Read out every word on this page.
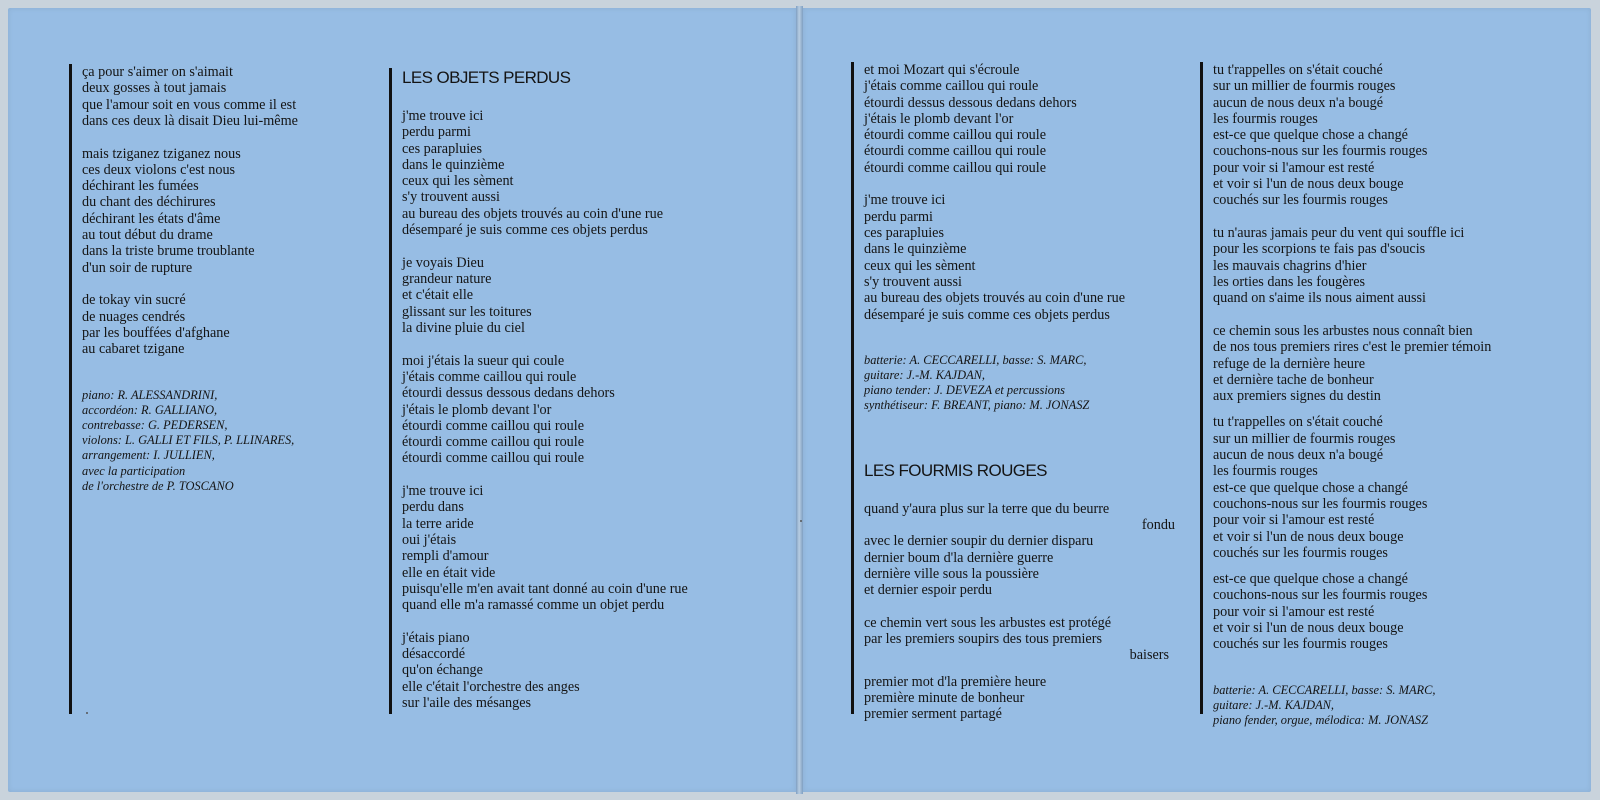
ça pour s'aimer on s'aimait
deux gosses à tout jamais
que l'amour soit en vous comme il est
dans ces deux là disait Dieu lui-même
mais tziganez tziganez nous
ces deux violons c'est nous
déchirant les fumées
du chant des déchirures
déchirant les états d'âme
au tout début du drame
dans la triste brume troublante
d'un soir de rupture
de tokay vin sucré
de nuages cendrés
par les bouffées d'afghane
au cabaret tzigane
piano: R. ALESSANDRINI,
accordéon: R. GALLIANO,
contrebasse: G. PEDERSEN,
violons: L. GALLI ET FILS, P. LLINARES,
arrangement: I. JULLIEN,
avec la participation
de l'orchestre de P. TOSCANO
LES OBJETS PERDUS
j'me trouve ici
perdu parmi
ces parapluies
dans le quinzième
ceux qui les sèment
s'y trouvent aussi
au bureau des objets trouvés au coin d'une rue
désemparé je suis comme ces objets perdus
je voyais Dieu
grandeur nature
et c'était elle
glissant sur les toitures
la divine pluie du ciel
moi j'étais la sueur qui coule
j'étais comme caillou qui roule
étourdi dessus dessous dedans dehors
j'étais le plomb devant l'or
étourdi comme caillou qui roule
étourdi comme caillou qui roule
étourdi comme caillou qui roule
j'me trouve ici
perdu dans
la terre aride
oui j'étais
rempli d'amour
elle en était vide
puisqu'elle m'en avait tant donné au coin d'une rue
quand elle m'a ramassé comme un objet perdu
j'étais piano
désaccordé
qu'on échange
elle c'était l'orchestre des anges
sur l'aile des mésanges
et moi Mozart qui s'écroule
j'étais comme caillou qui roule
étourdi dessus dessous dedans dehors
j'étais le plomb devant l'or
étourdi comme caillou qui roule
étourdi comme caillou qui roule
étourdi comme caillou qui roule
j'me trouve ici
perdu parmi
ces parapluies
dans le quinzième
ceux qui les sèment
s'y trouvent aussi
au bureau des objets trouvés au coin d'une rue
désemparé je suis comme ces objets perdus
batterie: A. CECCARELLI, basse: S. MARC,
guitare: J.-M. KAJDAN,
piano tender: J. DEVEZA et percussions
synthétiseur: F. BREANT, piano: M. JONASZ
LES FOURMIS ROUGES
quand y'aura plus sur la terre que du beurre
fondu
avec le dernier soupir du dernier disparu
dernier boum d'la dernière guerre
dernière ville sous la poussière
et dernier espoir perdu
ce chemin vert sous les arbustes est protégé
par les premiers soupirs des tous premiers
baisers
premier mot d'la première heure
première minute de bonheur
premier serment partagé
tu t'rappelles on s'était couché
sur un millier de fourmis rouges
aucun de nous deux n'a bougé
les fourmis rouges
est-ce que quelque chose a changé
couchons-nous sur les fourmis rouges
pour voir si l'amour est resté
et voir si l'un de nous deux bouge
couchés sur les fourmis rouges
tu n'auras jamais peur du vent qui souffle ici
pour les scorpions te fais pas d'soucis
les mauvais chagrins d'hier
les orties dans les fougères
quand on s'aime ils nous aiment aussi
ce chemin sous les arbustes nous connaît bien
de nos tous premiers rires c'est le premier témoin
refuge de la dernière heure
et dernière tache de bonheur
aux premiers signes du destin
tu t'rappelles on s'était couché
sur un millier de fourmis rouges
aucun de nous deux n'a bougé
les fourmis rouges
est-ce que quelque chose a changé
couchons-nous sur les fourmis rouges
pour voir si l'amour est resté
et voir si l'un de nous deux bouge
couchés sur les fourmis rouges
est-ce que quelque chose a changé
couchons-nous sur les fourmis rouges
pour voir si l'amour est resté
et voir si l'un de nous deux bouge
couchés sur les fourmis rouges
batterie: A. CECCARELLI, basse: S. MARC,
guitare: J.-M. KAJDAN,
piano fender, orgue, mélodica: M. JONASZ
